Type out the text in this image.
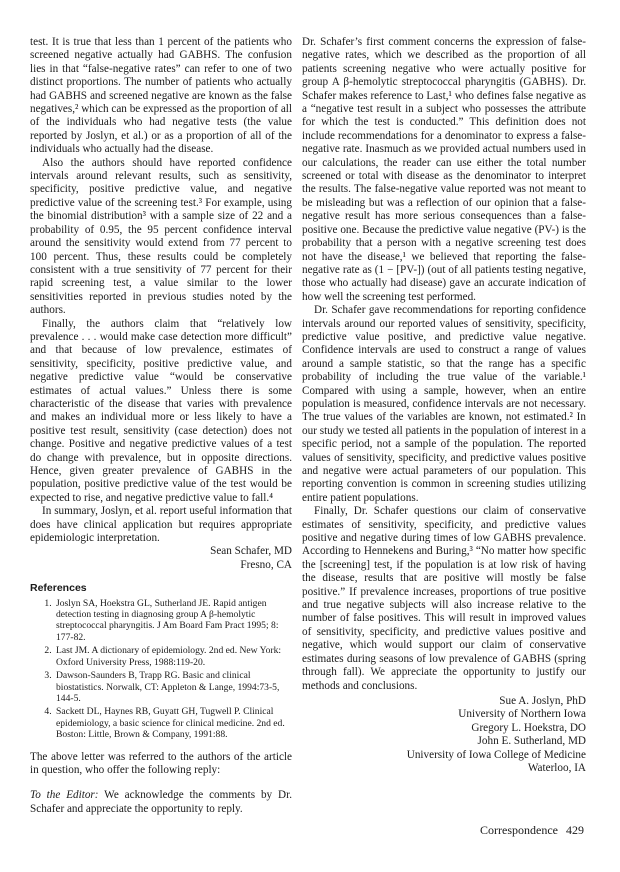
test. It is true that less than 1 percent of the patients who screened negative actually had GABHS. The confusion lies in that “false-negative rates” can refer to one of two distinct proportions. The number of patients who actually had GABHS and screened negative are known as the false negatives,² which can be expressed as the proportion of all of the individuals who had negative tests (the value reported by Joslyn, et al.) or as a proportion of all of the individuals who actually had the disease.

Also the authors should have reported confidence intervals around relevant results, such as sensitivity, specificity, positive predictive value, and negative predictive value of the screening test.³ For example, using the binomial distribution³ with a sample size of 22 and a probability of 0.95, the 95 percent confidence interval around the sensitivity would extend from 77 percent to 100 percent. Thus, these results could be completely consistent with a true sensitivity of 77 percent for their rapid screening test, a value similar to the lower sensitivities reported in previous studies noted by the authors.

Finally, the authors claim that “relatively low prevalence . . . would make case detection more difficult” and that because of low prevalence, estimates of sensitivity, specificity, positive predictive value, and negative predictive value “would be conservative estimates of actual values.” Unless there is some characteristic of the disease that varies with prevalence and makes an individual more or less likely to have a positive test result, sensitivity (case detection) does not change. Positive and negative predictive values of a test do change with prevalence, but in opposite directions. Hence, given greater prevalence of GABHS in the population, positive predictive value of the test would be expected to rise, and negative predictive value to fall.⁴

In summary, Joslyn, et al. report useful information that does have clinical application but requires appropriate epidemiologic interpretation.

Sean Schafer, MD
Fresno, CA
References
1. Joslyn SA, Hoekstra GL, Sutherland JE. Rapid antigen detection testing in diagnosing group A β-hemolytic streptococcal pharyngitis. J Am Board Fam Pract 1995; 8: 177-82.
2. Last JM. A dictionary of epidemiology. 2nd ed. New York: Oxford University Press, 1988:119-20.
3. Dawson-Saunders B, Trapp RG. Basic and clinical biostatistics. Norwalk, CT: Appleton & Lange, 1994:73-5, 144-5.
4. Sackett DL, Haynes RB, Guyatt GH, Tugwell P. Clinical epidemiology, a basic science for clinical medicine. 2nd ed. Boston: Little, Brown & Company, 1991:88.

The above letter was referred to the authors of the article in question, who offer the following reply:

To the Editor: We acknowledge the comments by Dr. Schafer and appreciate the opportunity to reply.

Dr. Schafer’s first comment concerns the expression of false-negative rates, which we described as the proportion of all patients screening negative who were actually positive for group A β-hemolytic streptococcal pharyngitis (GABHS). Dr. Schafer makes reference to Last,¹ who defines false negative as a “negative test result in a subject who possesses the attribute for which the test is conducted.” This definition does not include recommendations for a denominator to express a false-negative rate. Inasmuch as we provided actual numbers used in our calculations, the reader can use either the total number screened or total with disease as the denominator to interpret the results. The false-negative value reported was not meant to be misleading but was a reflection of our opinion that a false-negative result has more serious consequences than a false-positive one. Because the predictive value negative (PV-) is the probability that a person with a negative screening test does not have the disease,¹ we believed that reporting the false-negative rate as (1 − [PV-]) (out of all patients testing negative, those who actually had disease) gave an accurate indication of how well the screening test performed.

Dr. Schafer gave recommendations for reporting confidence intervals around our reported values of sensitivity, specificity, predictive value positive, and predictive value negative. Confidence intervals are used to construct a range of values around a sample statistic, so that the range has a specific probability of including the true value of the variable.¹ Compared with using a sample, however, when an entire population is measured, confidence intervals are not necessary. The true values of the variables are known, not estimated.² In our study we tested all patients in the population of interest in a specific period, not a sample of the population. The reported values of sensitivity, specificity, and predictive values positive and negative were actual parameters of our population. This reporting convention is common in screening studies utilizing entire patient populations.

Finally, Dr. Schafer questions our claim of conservative estimates of sensitivity, specificity, and predictive values positive and negative during times of low GABHS prevalence. According to Hennekens and Buring,³ “No matter how specific the [screening] test, if the population is at low risk of having the disease, results that are positive will mostly be false positive.” If prevalence increases, proportions of true positive and true negative subjects will also increase relative to the number of false positives. This will result in improved values of sensitivity, specificity, and predictive values positive and negative, which would support our claim of conservative estimates during seasons of low prevalence of GABHS (spring through fall). We appreciate the opportunity to justify our methods and conclusions.

Sue A. Joslyn, PhD
University of Northern Iowa
Gregory L. Hoekstra, DO
John E. Sutherland, MD
University of Iowa College of Medicine
Waterloo, IA
Correspondence 429
